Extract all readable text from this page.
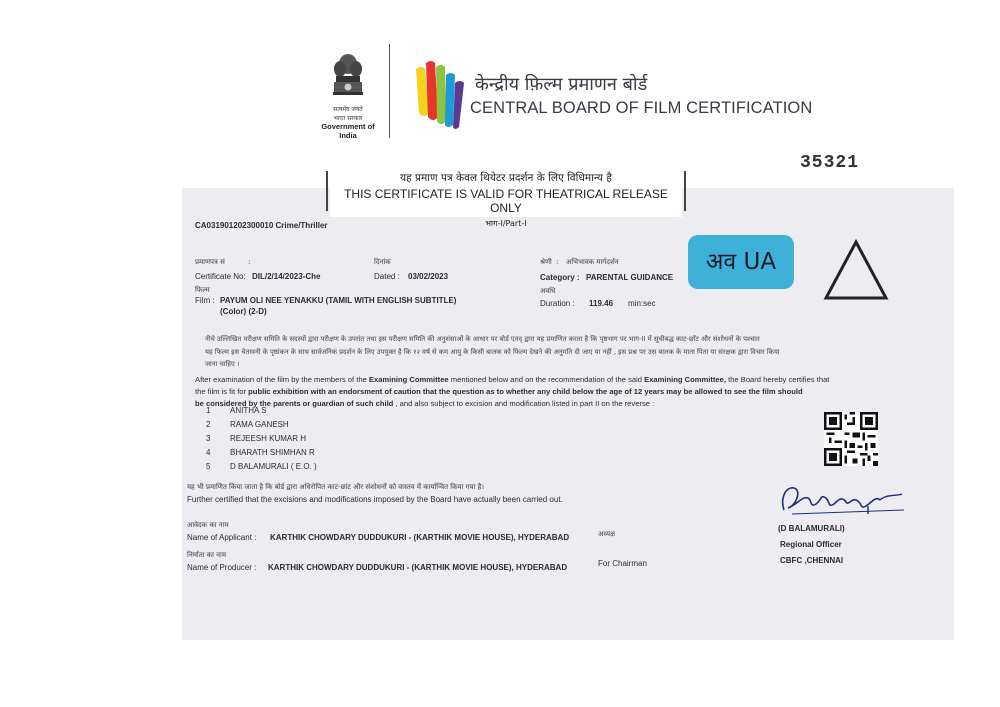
सत्यमेव जयते
भारत सरकार
Government of India
केन्द्रीय फ़िल्म प्रमाणन बोर्ड
CENTRAL BOARD OF FILM CERTIFICATION
35321
यह प्रमाण पत्र केवल थियेटर प्रदर्शन के लिए विधिमान्य है
THIS CERTIFICATE IS VALID FOR THEATRICAL RELEASE ONLY
भाग-I/Part-I
CA031901202300010 Crime/Thriller
प्रमाणपत्र सं	:	दिनांक	श्रेणी : अभिभावक मार्गदर्शन
Certificate No: DIL/2/14/2023-Che	Dated : 03/02/2023	Category : PARENTAL GUIDANCE
फिल्म	अवधि
Film : PAYUM OLI NEE YENAKKU (TAMIL WITH ENGLISH SUBTITLE)
(Color) (2-D)
Duration : 119.46 min:sec
अव UA
नीचे उल्लिखित परीक्षण समिति के सदस्यों द्वारा परीक्षण के उपरांत तथा इस परीक्षण समिति की अनुशंसाओं के आधार पर बोर्ड एतद् द्वारा यह प्रमाणित करता है कि पृष्ठभाग पर भाग-II में सूचीबद्ध काट-छाँट और संशोधनों के पश्चात
यह फिल्म इस चेतावनी के पृष्ठांकन के साथ सार्वजनिक प्रदर्शन के लिए उपयुक्त है कि १२ वर्ष से कम आयु के किसी बालक को फिल्म देखने की अनुमति दी जाए या नहीं , इस प्रश्न पर उस बालक के माता पिता या संरक्षक द्वारा विचार किया
जाना चाहिए ।
After examination of the film by the members of the Examining Committee mentioned below and on the recommendation of the said Examining Committee, the Board hereby certifies that
the film is fit for public exhibition with an endorsment of caution that the question as to whether any child below the age of 12 years may be allowed to see the film should
be considered by the parents or guardian of such child , and also subject to excision and modification listed in part II on the reverse :
1 ANITHA S
2 RAMA GANESH
3 REJEESH KUMAR H
4 BHARATH SHIMHAN R
5 D BALAMURALI ( E.O. )
यह भी प्रमाणित किया जाता है कि बोर्ड द्वारा अधिरोपित काट-छांट और संशोधनों को वास्तव में कार्यान्वित किया गया है।
Further certified that the excisions and modifications imposed by the Board have actually been carried out.
(D BALAMURALI)
Regional Officer
CBFC ,CHENNAI
आवेदक का नाम
Name of Applicant : KARTHIK CHOWDARY DUDDUKURI - (KARTHIK MOVIE HOUSE), HYDERABAD	अध्यक्ष
निर्माता का नाम
Name of Producer : KARTHIK CHOWDARY DUDDUKURI - (KARTHIK MOVIE HOUSE), HYDERABAD	For Chairman
